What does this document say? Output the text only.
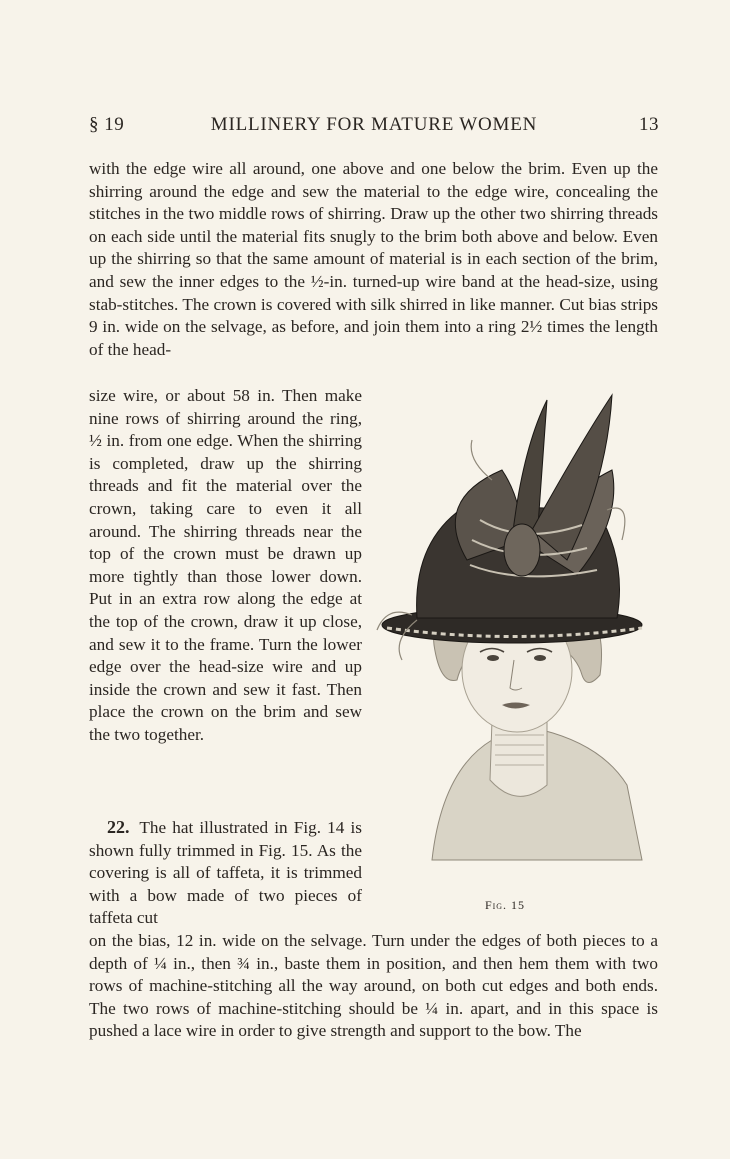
§ 19	MILLINERY FOR MATURE WOMEN	13
with the edge wire all around, one above and one below the brim. Even up the shirring around the edge and sew the material to the edge wire, concealing the stitches in the two middle rows of shirring. Draw up the other two shirring threads on each side until the material fits snugly to the brim both above and below. Even up the shirring so that the same amount of material is in each section of the brim, and sew the inner edges to the ½-in. turned-up wire band at the head-size, using stab-stitches. The crown is covered with silk shirred in like manner. Cut bias strips 9 in. wide on the selvage, as before, and join them into a ring 2½ times the length of the head-
size wire, or about 58 in. Then make nine rows of shirring around the ring, ½ in. from one edge. When the shirring is completed, draw up the shirring threads and fit the material over the crown, taking care to even it all around. The shirring threads near the top of the crown must be drawn up more tightly than those lower down. Put in an extra row along the edge at the top of the crown, draw it up close, and sew it to the frame. Turn the lower edge over the head-size wire and up inside the crown and sew it fast. Then place the crown on the brim and sew the two together.
22. The hat illustrated in Fig. 14 is shown fully trimmed in Fig. 15. As the covering is all of taffeta, it is trimmed with a bow made of two pieces of taffeta cut
on the bias, 12 in. wide on the selvage. Turn under the edges of both pieces to a depth of ¼ in., then ¾ in., baste them in position, and then hem them with two rows of machine-stitching all the way around, on both cut edges and both ends. The two rows of machine-stitching should be ¼ in. apart, and in this space is pushed a lace wire in order to give strength and support to the bow. The
Fig. 15
